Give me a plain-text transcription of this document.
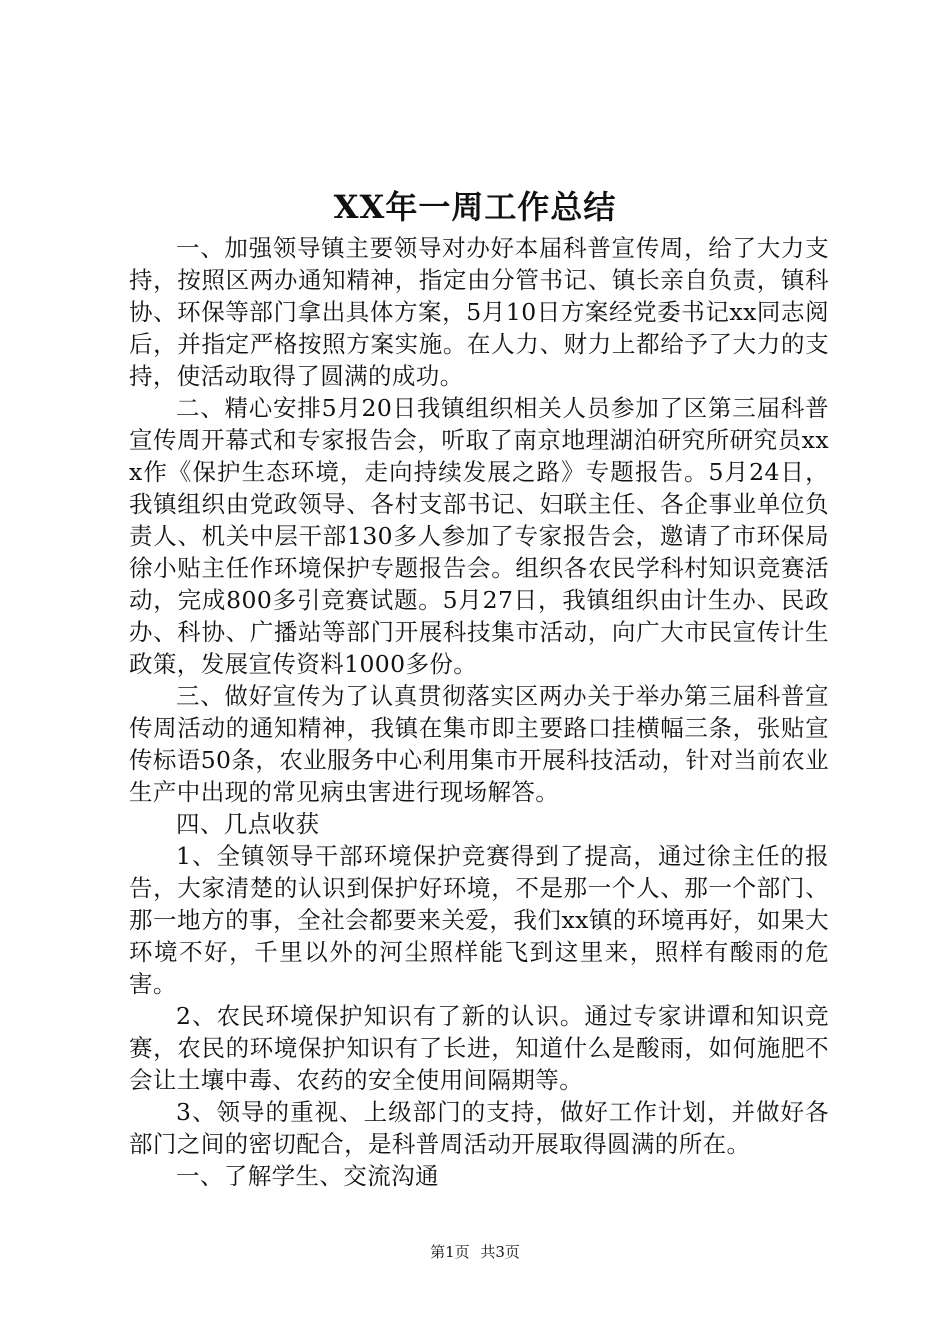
XX年一周工作总结

一、加强领导镇主要领导对办好本届科普宣传周，给了大力支持，按照区两办通知精神，指定由分管书记、镇长亲自负责，镇科协、环保等部门拿出具体方案，5月10日方案经党委书记xx同志阅后，并指定严格按照方案实施。在人力、财力上都给予了大力的支持，使活动取得了圆满的成功。

二、精心安排5月20日我镇组织相关人员参加了区第三届科普宣传周开幕式和专家报告会，听取了南京地理湖泊研究所研究员xxx作《保护生态环境，走向持续发展之路》专题报告。5月24日，我镇组织由党政领导、各村支部书记、妇联主任、各企事业单位负责人、机关中层干部130多人参加了专家报告会，邀请了市环保局徐小贴主任作环境保护专题报告会。组织各农民学科村知识竞赛活动，完成800多引竞赛试题。5月27日，我镇组织由计生办、民政办、科协、广播站等部门开展科技集市活动，向广大市民宣传计生政策，发展宣传资料1000多份。

三、做好宣传为了认真贯彻落实区两办关于举办第三届科普宣传周活动的通知精神，我镇在集市即主要路口挂横幅三条，张贴宣传标语50条，农业服务中心利用集市开展科技活动，针对当前农业生产中出现的常见病虫害进行现场解答。

四、几点收获

1、全镇领导干部环境保护竞赛得到了提高，通过徐主任的报告，大家清楚的认识到保护好环境，不是那一个人、那一个部门、那一地方的事，全社会都要来关爱，我们xx镇的环境再好，如果大环境不好，千里以外的河尘照样能飞到这里来，照样有酸雨的危害。

2、农民环境保护知识有了新的认识。通过专家讲谭和知识竞赛，农民的环境保护知识有了长进，知道什么是酸雨，如何施肥不会让土壤中毒、农药的安全使用间隔期等。

3、领导的重视、上级部门的支持，做好工作计划，并做好各部门之间的密切配合，是科普周活动开展取得圆满的所在。

一、了解学生、交流沟通

第1页 共3页
